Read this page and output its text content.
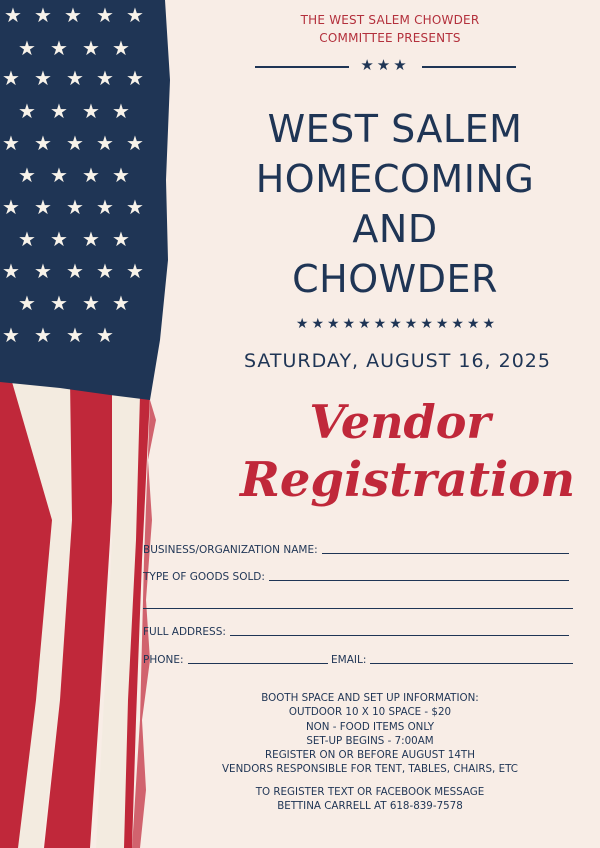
★ ★ ★ ★ ★
★ ★ ★ ★
★ ★ ★ ★ ★
★ ★ ★ ★
★ ★ ★ ★ ★
★ ★ ★ ★
★ ★ ★ ★ ★
★ ★ ★ ★
★ ★ ★ ★ ★
★ ★ ★ ★
★ ★ ★ ★
THE WEST SALEM CHOWDER
COMMITTEE PRESENTS
★★★
WEST SALEM
HOMECOMING
AND
CHOWDER
★★★★★★★★★★★★★
SATURDAY, AUGUST 16, 2025
Vendor
Registration
BUSINESS/ORGANIZATION NAME:
TYPE OF GOODS SOLD:
FULL ADDRESS:
PHONE:	EMAIL:
BOOTH SPACE AND SET UP INFORMATION:
OUTDOOR 10 X 10 SPACE - $20
NON - FOOD ITEMS ONLY
SET-UP BEGINS - 7:00AM
REGISTER ON OR BEFORE AUGUST 14TH
VENDORS RESPONSIBLE FOR TENT, TABLES, CHAIRS, ETC
TO REGISTER TEXT OR FACEBOOK MESSAGE
BETTINA CARRELL AT 618-839-7578
